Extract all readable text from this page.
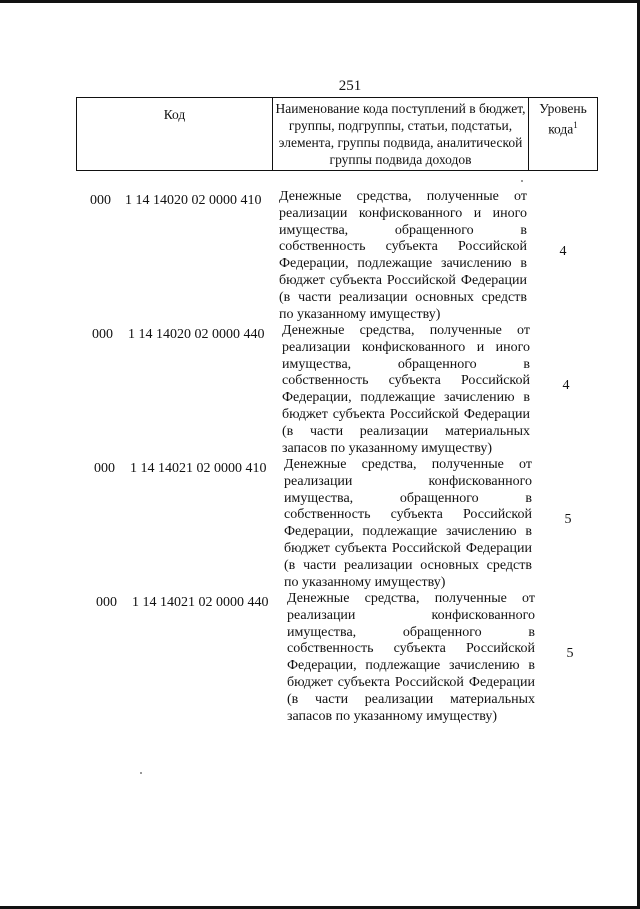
251
Код	Наименование кода поступлений в бюджет, группы, подгруппы, статьи, подстатьи, элемента, группы подвида, аналитической группы подвида доходов
Уровень кода$^1$
000 1 14 14020 02 0000 410 Денежные средства, полученные от реализации конфискованного и иного имущества, обращенного в собственность субъекта Российской Федерации, подлежащие зачислению в бюджет субъекта Российской Федерации (в части реализации основных средств по указанному имуществу)
4
000 1 14 14020 02 0000 440 Денежные средства, полученные от реализации конфискованного и иного имущества, обращенного в собственность субъекта Российской Федерации, подлежащие зачислению в бюджет субъекта Российской Федерации (в части реализации материальных запасов по указанному имуществу)
4
000 1 14 14021 02 0000 410 Денежные средства, полученные от реализации конфискованного имущества, обращенного в собственность субъекта Российской Федерации, подлежащие зачислению в бюджет субъекта Российской Федерации (в части реализации основных средств по указанному имуществу)
5
000 1 14 14021 02 0000 440 Денежные средства, полученные от реализации конфискованного имущества, обращенного в собственность субъекта Российской Федерации, подлежащие зачислению в бюджет субъекта Российской Федерации (в части реализации материальных запасов по указанному имуществу)
5
